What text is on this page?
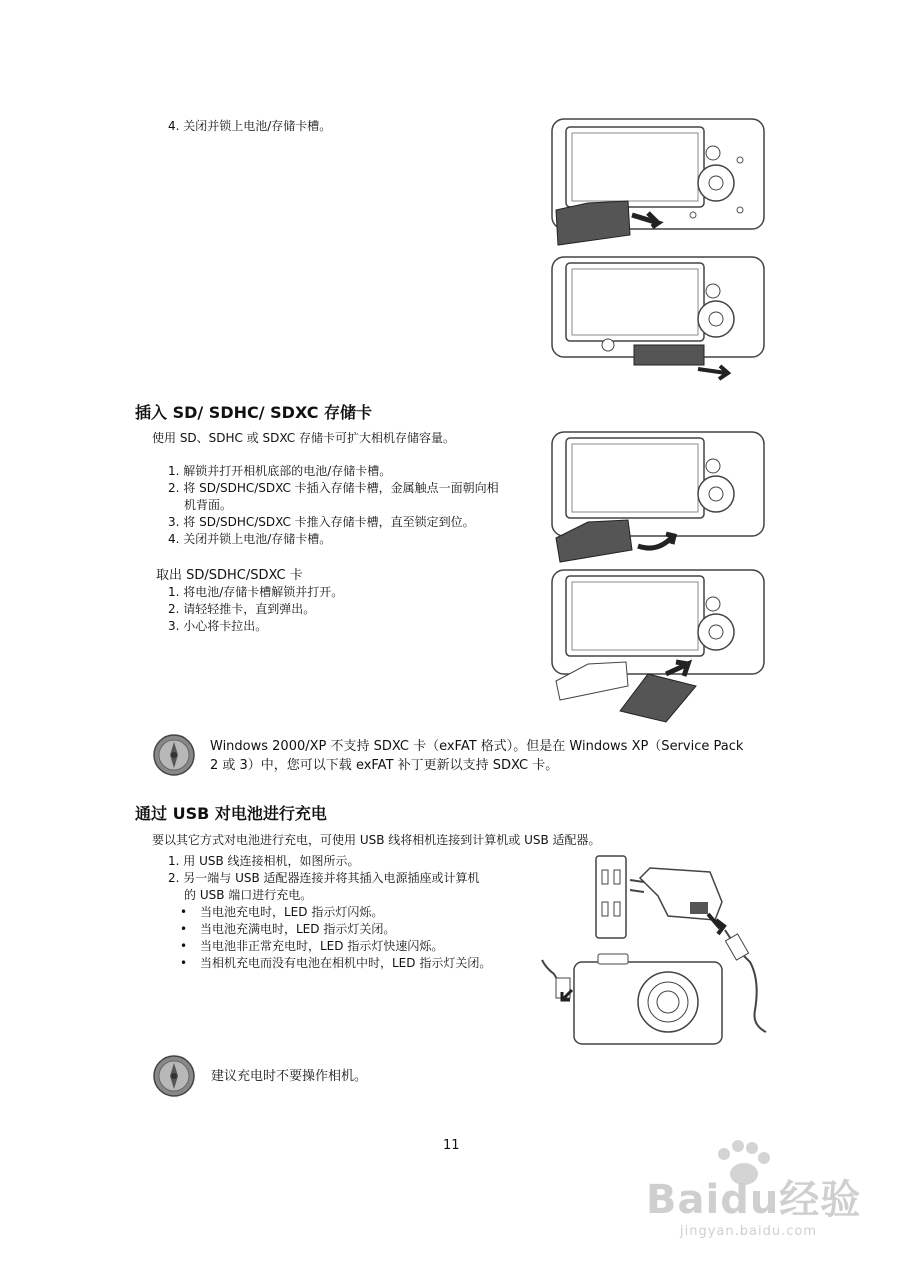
4. 关闭并锁上电池/存储卡槽。
插入 SD/ SDHC/ SDXC 存储卡
使用 SD、SDHC 或 SDXC 存储卡可扩大相机存储容量。
1. 解锁并打开相机底部的电池/存储卡槽。
2. 将 SD/SDHC/SDXC 卡插入存储卡槽，金属触点一面朝向相
机背面。
3. 将 SD/SDHC/SDXC 卡推入存储卡槽，直至锁定到位。
4. 关闭并锁上电池/存储卡槽。
取出 SD/SDHC/SDXC 卡
1. 将电池/存储卡槽解锁并打开。
2. 请轻轻推卡，直到弹出。
3. 小心将卡拉出。
Windows 2000/XP 不支持 SDXC 卡（exFAT 格式）。但是在 Windows XP（Service Pack
2 或 3）中，您可以下载 exFAT 补丁更新以支持 SDXC 卡。
通过 USB 对电池进行充电
要以其它方式对电池进行充电，可使用 USB 线将相机连接到计算机或 USB 适配器。
1. 用 USB 线连接相机，如图所示。
2. 另一端与 USB 适配器连接并将其插入电源插座或计算机
的 USB 端口进行充电。
• 当电池充电时，LED 指示灯闪烁。
• 当电池充满电时，LED 指示灯关闭。
• 当电池非正常充电时，LED 指示灯快速闪烁。
• 当相机充电而没有电池在相机中时，LED 指示灯关闭。
建议充电时不要操作相机。
11
Baidu经验
jingyan.baidu.com
